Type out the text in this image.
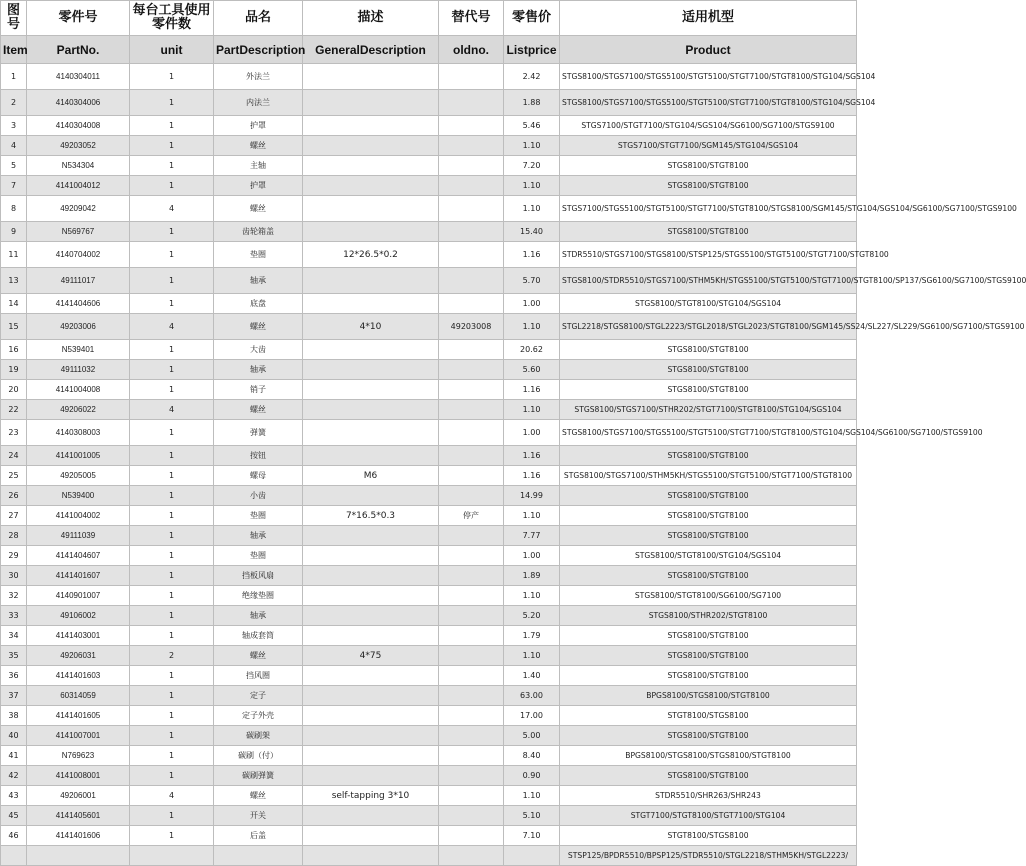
图号	零件号	每台工具使用零件数	品名	描述	替代号	零售价	适用机型
Item	PartNo.	unit	PartDescription	GeneralDescription	oldno.	Listprice	Product
1	4140304011	1	外法兰			2.42	STGS8100/STGS7100/STGS5100/STGT5100/STGT7100/STGT8100/STG104/SGS104
2	4140304006	1	内法兰			1.88	STGS8100/STGS7100/STGS5100/STGT5100/STGT7100/STGT8100/STG104/SGS104
3	4140304008	1	护罩			5.46	STGS7100/STGT7100/STG104/SGS104/SG6100/SG7100/STGS9100
4	49203052	1	螺丝			1.10	STGS7100/STGT7100/SGM145/STG104/SGS104
5	N534304	1	主轴			7.20	STGS8100/STGT8100
7	4141004012	1	护罩			1.10	STGS8100/STGT8100
8	49209042	4	螺丝			1.10	STGS7100/STGS5100/STGT5100/STGT7100/STGT8100/STGS8100/SGM145/STG104/SGS104/SG6100/SG7100/STGS9100
9	N569767	1	齿轮箱盖			15.40	STGS8100/STGT8100
11	4140704002	1	垫圈	12*26.5*0.2		1.16	STDR5510/STGS7100/STGS8100/STSP125/STGS5100/STGT5100/STGT7100/STGT8100
13	49111017	1	轴承			5.70	STGS8100/STDR5510/STGS7100/STHM5KH/STGS5100/STGT5100/STGT7100/STGT8100/SP137/SG6100/SG7100/STGS9100
14	4141404606	1	底盘			1.00	STGS8100/STGT8100/STG104/SGS104
15	49203006	4	螺丝	4*10	49203008	1.10	STGL2218/STGS8100/STGL2223/STGL2018/STGL2023/STGT8100/SGM145/SS24/SL227/SL229/SG6100/SG7100/STGS9100
16	N539401	1	大齿			20.62	STGS8100/STGT8100
19	49111032	1	轴承			5.60	STGS8100/STGT8100
20	4141004008	1	销子			1.16	STGS8100/STGT8100
22	49206022	4	螺丝			1.10	STGS8100/STGS7100/STHR202/STGT7100/STGT8100/STG104/SGS104
23	4140308003	1	弹簧			1.00	STGS8100/STGS7100/STGS5100/STGT5100/STGT7100/STGT8100/STG104/SGS104/SG6100/SG7100/STGS9100
24	4141001005	1	按钮			1.16	STGS8100/STGT8100
25	49205005	1	螺母	M6		1.16	STGS8100/STGS7100/STHM5KH/STGS5100/STGT5100/STGT7100/STGT8100
26	N539400	1	小齿			14.99	STGS8100/STGT8100
27	4141004002	1	垫圈	7*16.5*0.3	停产	1.10	STGS8100/STGT8100
28	49111039	1	轴承			7.77	STGS8100/STGT8100
29	4141404607	1	垫圈			1.00	STGS8100/STGT8100/STG104/SGS104
30	4141401607	1	挡板风扇			1.89	STGS8100/STGT8100
32	4140901007	1	绝缘垫圈			1.10	STGS8100/STGT8100/SG6100/SG7100
33	49106002	1	轴承			5.20	STGS8100/STHR202/STGT8100
34	4141403001	1	轴成套筒			1.79	STGS8100/STGT8100
35	49206031	2	螺丝	4*75		1.10	STGS8100/STGT8100
36	4141401603	1	挡风圈			1.40	STGS8100/STGT8100
37	60314059	1	定子			63.00	BPGS8100/STGS8100/STGT8100
38	4141401605	1	定子外壳			17.00	STGT8100/STGS8100
40	4141007001	1	碳刷架			5.00	STGS8100/STGT8100
41	N769623	1	碳刷（付）			8.40	BPGS8100/STGS8100/STGS8100/STGT8100
42	4141008001	1	碳刷弹簧			0.90	STGS8100/STGT8100
43	49206001	4	螺丝	self-tapping 3*10		1.10	STDR5510/SHR263/SHR243
45	4141405601	1	开关			5.10	STGT7100/STGT8100/STGT7100/STG104
46	4141401606	1	后盖			7.10	STGT8100/STGS8100
							STSP125/BPDR5510/BPSP125/STDR5510/STGL2218/STHM5KH/STGL2223/
